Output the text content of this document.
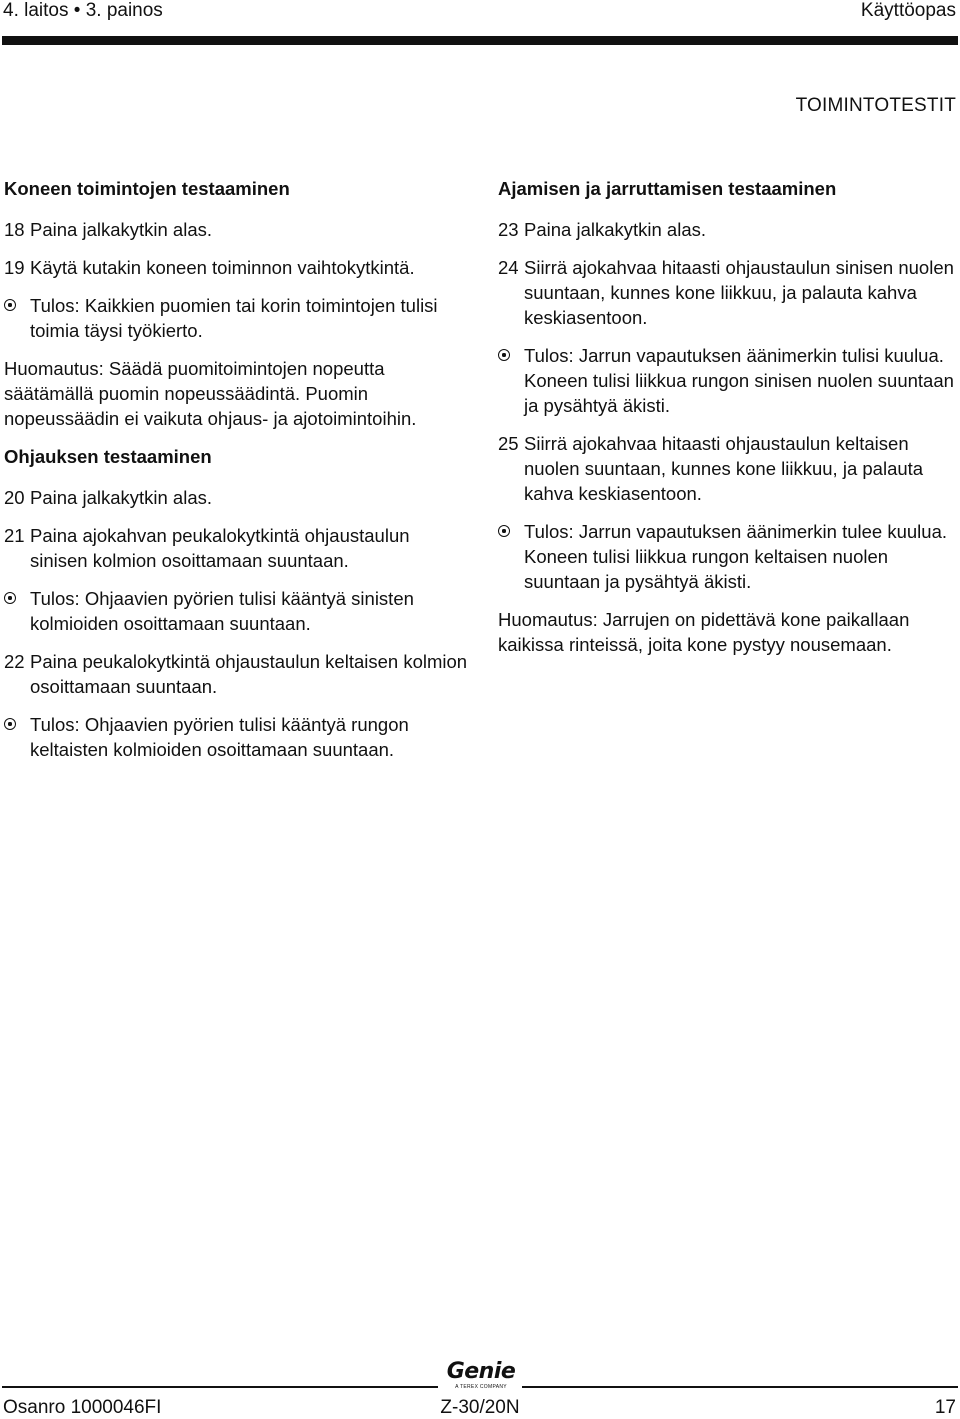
4. laitos • 3. painos	Käyttöopas
TOIMINTOTESTIT
Koneen toimintojen testaaminen
18 Paina jalkakytkin alas.
19 Käytä kutakin koneen toiminnon vaihtokytkintä.
Tulos: Kaikkien puomien tai korin toimintojen tulisi toimia täysi työkierto.
Huomautus: Säädä puomitoimintojen nopeutta säätämällä puomin nopeussäädintä. Puomin nopeussäädin ei vaikuta ohjaus- ja ajotoimintoihin.
Ohjauksen testaaminen
20 Paina jalkakytkin alas.
21 Paina ajokahvan peukalokytkintä ohjaustaulun sinisen kolmion osoittamaan suuntaan.
Tulos: Ohjaavien pyörien tulisi kääntyä sinisten kolmioiden osoittamaan suuntaan.
22 Paina peukalokytkintä ohjaustaulun keltaisen kolmion osoittamaan suuntaan.
Tulos: Ohjaavien pyörien tulisi kääntyä rungon keltaisten kolmioiden osoittamaan suuntaan.
Ajamisen ja jarruttamisen testaaminen
23 Paina jalkakytkin alas.
24 Siirrä ajokahvaa hitaasti ohjaustaulun sinisen nuolen suuntaan, kunnes kone liikkuu, ja palauta kahva keskiasentoon.
Tulos: Jarrun vapautuksen äänimerkin tulisi kuulua. Koneen tulisi liikkua rungon sinisen nuolen suuntaan ja pysähtyä äkisti.
25 Siirrä ajokahvaa hitaasti ohjaustaulun keltaisen nuolen suuntaan, kunnes kone liikkuu, ja palauta kahva keskiasentoon.
Tulos: Jarrun vapautuksen äänimerkin tulee kuulua. Koneen tulisi liikkua rungon keltaisen nuolen suuntaan ja pysähtyä äkisti.
Huomautus: Jarrujen on pidettävä kone paikallaan kaikissa rinteissä, joita kone pystyy nousemaan.
Genie
A TEREX COMPANY
Osanro 1000046FI	Z-30/20N	17
